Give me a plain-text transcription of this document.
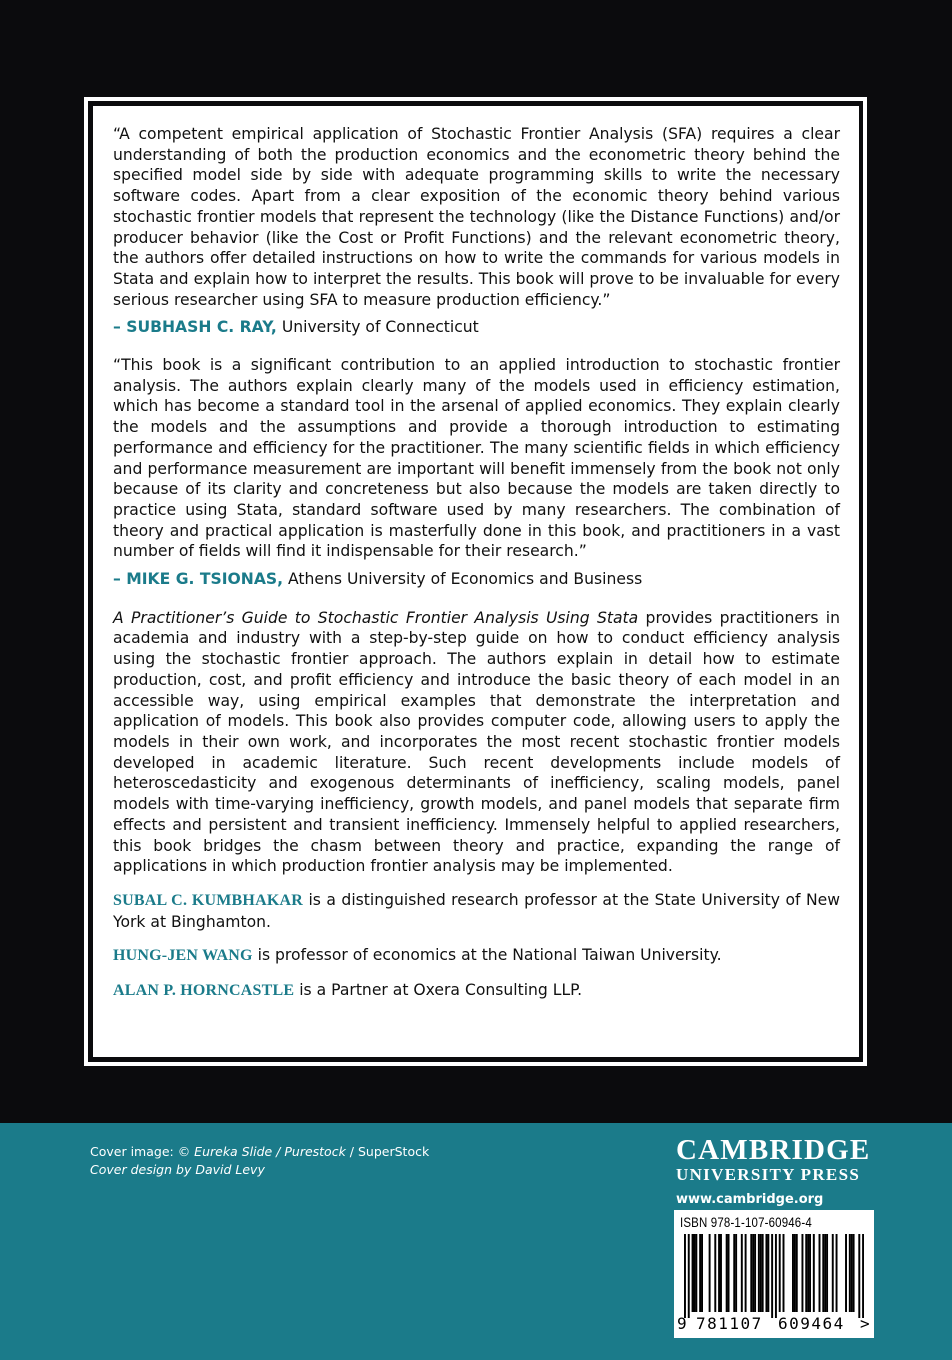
“A competent empirical application of Stochastic Frontier Analysis (SFA) requires a clear understanding of both the production economics and the econometric theory behind the specified model side by side with adequate programming skills to write the necessary software codes. Apart from a clear exposition of the economic theory behind various stochastic frontier models that represent the technology (like the Distance Functions) and/or producer behavior (like the Cost or Profit Functions) and the relevant econometric theory, the authors offer detailed instructions on how to write the commands for various models in Stata and explain how to interpret the results. This book will prove to be invaluable for every serious researcher using SFA to measure production efficiency.”

– SUBHASH C. RAY, University of Connecticut

“This book is a significant contribution to an applied introduction to stochastic frontier analysis. The authors explain clearly many of the models used in efficiency estimation, which has become a standard tool in the arsenal of applied economics. They explain clearly the models and the assumptions and provide a thorough introduction to estimating performance and efficiency for the practitioner. The many scientific fields in which efficiency and performance measurement are important will benefit immensely from the book not only because of its clarity and concreteness but also because the models are taken directly to practice using Stata, standard software used by many researchers. The combination of theory and practical application is masterfully done in this book, and practitioners in a vast number of fields will find it indispensable for their research.”

– MIKE G. TSIONAS, Athens University of Economics and Business

A Practitioner’s Guide to Stochastic Frontier Analysis Using Stata provides practitioners in academia and industry with a step-by-step guide on how to conduct efficiency analysis using the stochastic frontier approach. The authors explain in detail how to estimate production, cost, and profit efficiency and introduce the basic theory of each model in an accessible way, using empirical examples that demonstrate the interpretation and application of models. This book also provides computer code, allowing users to apply the models in their own work, and incorporates the most recent stochastic frontier models developed in academic literature. Such recent developments include models of heteroscedasticity and exogenous determinants of inefficiency, scaling models, panel models with time-varying inefficiency, growth models, and panel models that separate firm effects and persistent and transient inefficiency. Immensely helpful to applied researchers, this book bridges the chasm between theory and practice, expanding the range of applications in which production frontier analysis may be implemented.

SUBAL C. KUMBHAKAR is a distinguished research professor at the State University of New York at Binghamton.

HUNG-JEN WANG is professor of economics at the National Taiwan University.

ALAN P. HORNCASTLE is a Partner at Oxera Consulting LLP.

Cover image: © Eureka Slide / Purestock / SuperStock
Cover design by David Levy
CAMBRIDGE
UNIVERSITY PRESS
www.cambridge.org
ISBN 978-1-107-60946-4
9 781107 609464 >
